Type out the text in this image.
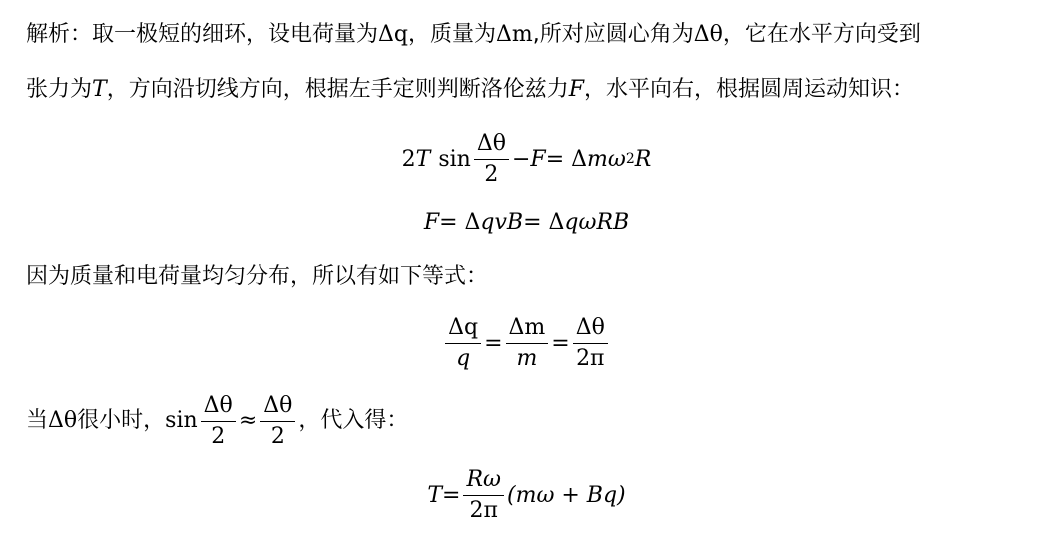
解析：取一极短的细环，设电荷量为Δq，质量为Δm,所对应圆心角为Δθ，它在水平方向受到
张力为T，方向沿切线方向，根据左手定则判断洛伦兹力F，水平向右，根据圆周运动知识：
2 T $\sin \frac{\Delta\theta}{2} - F = \Delta$ mω 2 R
F = Δ qvB = Δ qωRB
因为质量和电荷量均匀分布，所以有如下等式：
$\frac{\Delta q}{q} = \frac{\Delta m}{m} = \frac{\Delta\theta}{2\pi}$
当 Δθ 很小时， $\sin \frac{\Delta\theta}{2} \approx \frac{\Delta\theta}{2}$ ，代入得：
$T = \frac{R\omega}{2\pi} (m\omega + Bq)$
